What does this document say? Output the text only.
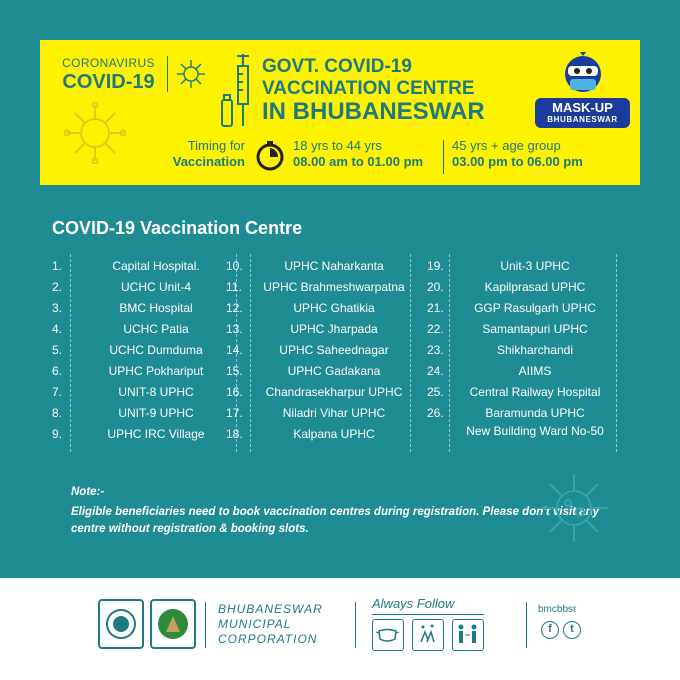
CORONAVIRUS
COVID-19
GOVT. COVID-19
VACCINATION CENTRE
IN BHUBANESWAR	MASK-UP
BHUBANESWAR
Timing for
Vaccination
18 yrs to 44 yrs
08.00 am to 01.00 pm
45 yrs + age group
03.00 pm to 06.00 pm
COVID-19 Vaccination Centre
1.	Capital Hospital.
2.	UCHC Unit-4
3.	BMC Hospital
4.	UCHC Patia
5.	UCHC Dumduma
6.	UPHC Pokhariput
7.	UNIT-8 UPHC
8.	UNIT-9 UPHC
9.	UPHC IRC Village
10.	UPHC Naharkanta
11.	UPHC Brahmeshwarpatna
12.	UPHC Ghatikia
13.	UPHC Jharpada
14.	UPHC Saheednagar
15.	UPHC Gadakana
16.	Chandrasekharpur UPHC
17.	Niladri Vihar UPHC
18.	Kalpana UPHC
19.	Unit-3 UPHC
20.	Kapilprasad UPHC
21.	GGP Rasulgarh UPHC
22.	Samantapuri UPHC
23.	Shikharchandi
24.	AIIMS
25.	Central Railway Hospital
26.	Baramunda UPHC
New Building Ward No-50
Note:-
Eligible beneficiaries need to book vaccination centres during registration. Please don't visit any centre without registration & booking slots.
BHUBANESWAR
MUNICIPAL
CORPORATION
Always Follow	bmcbbsr
f	t
